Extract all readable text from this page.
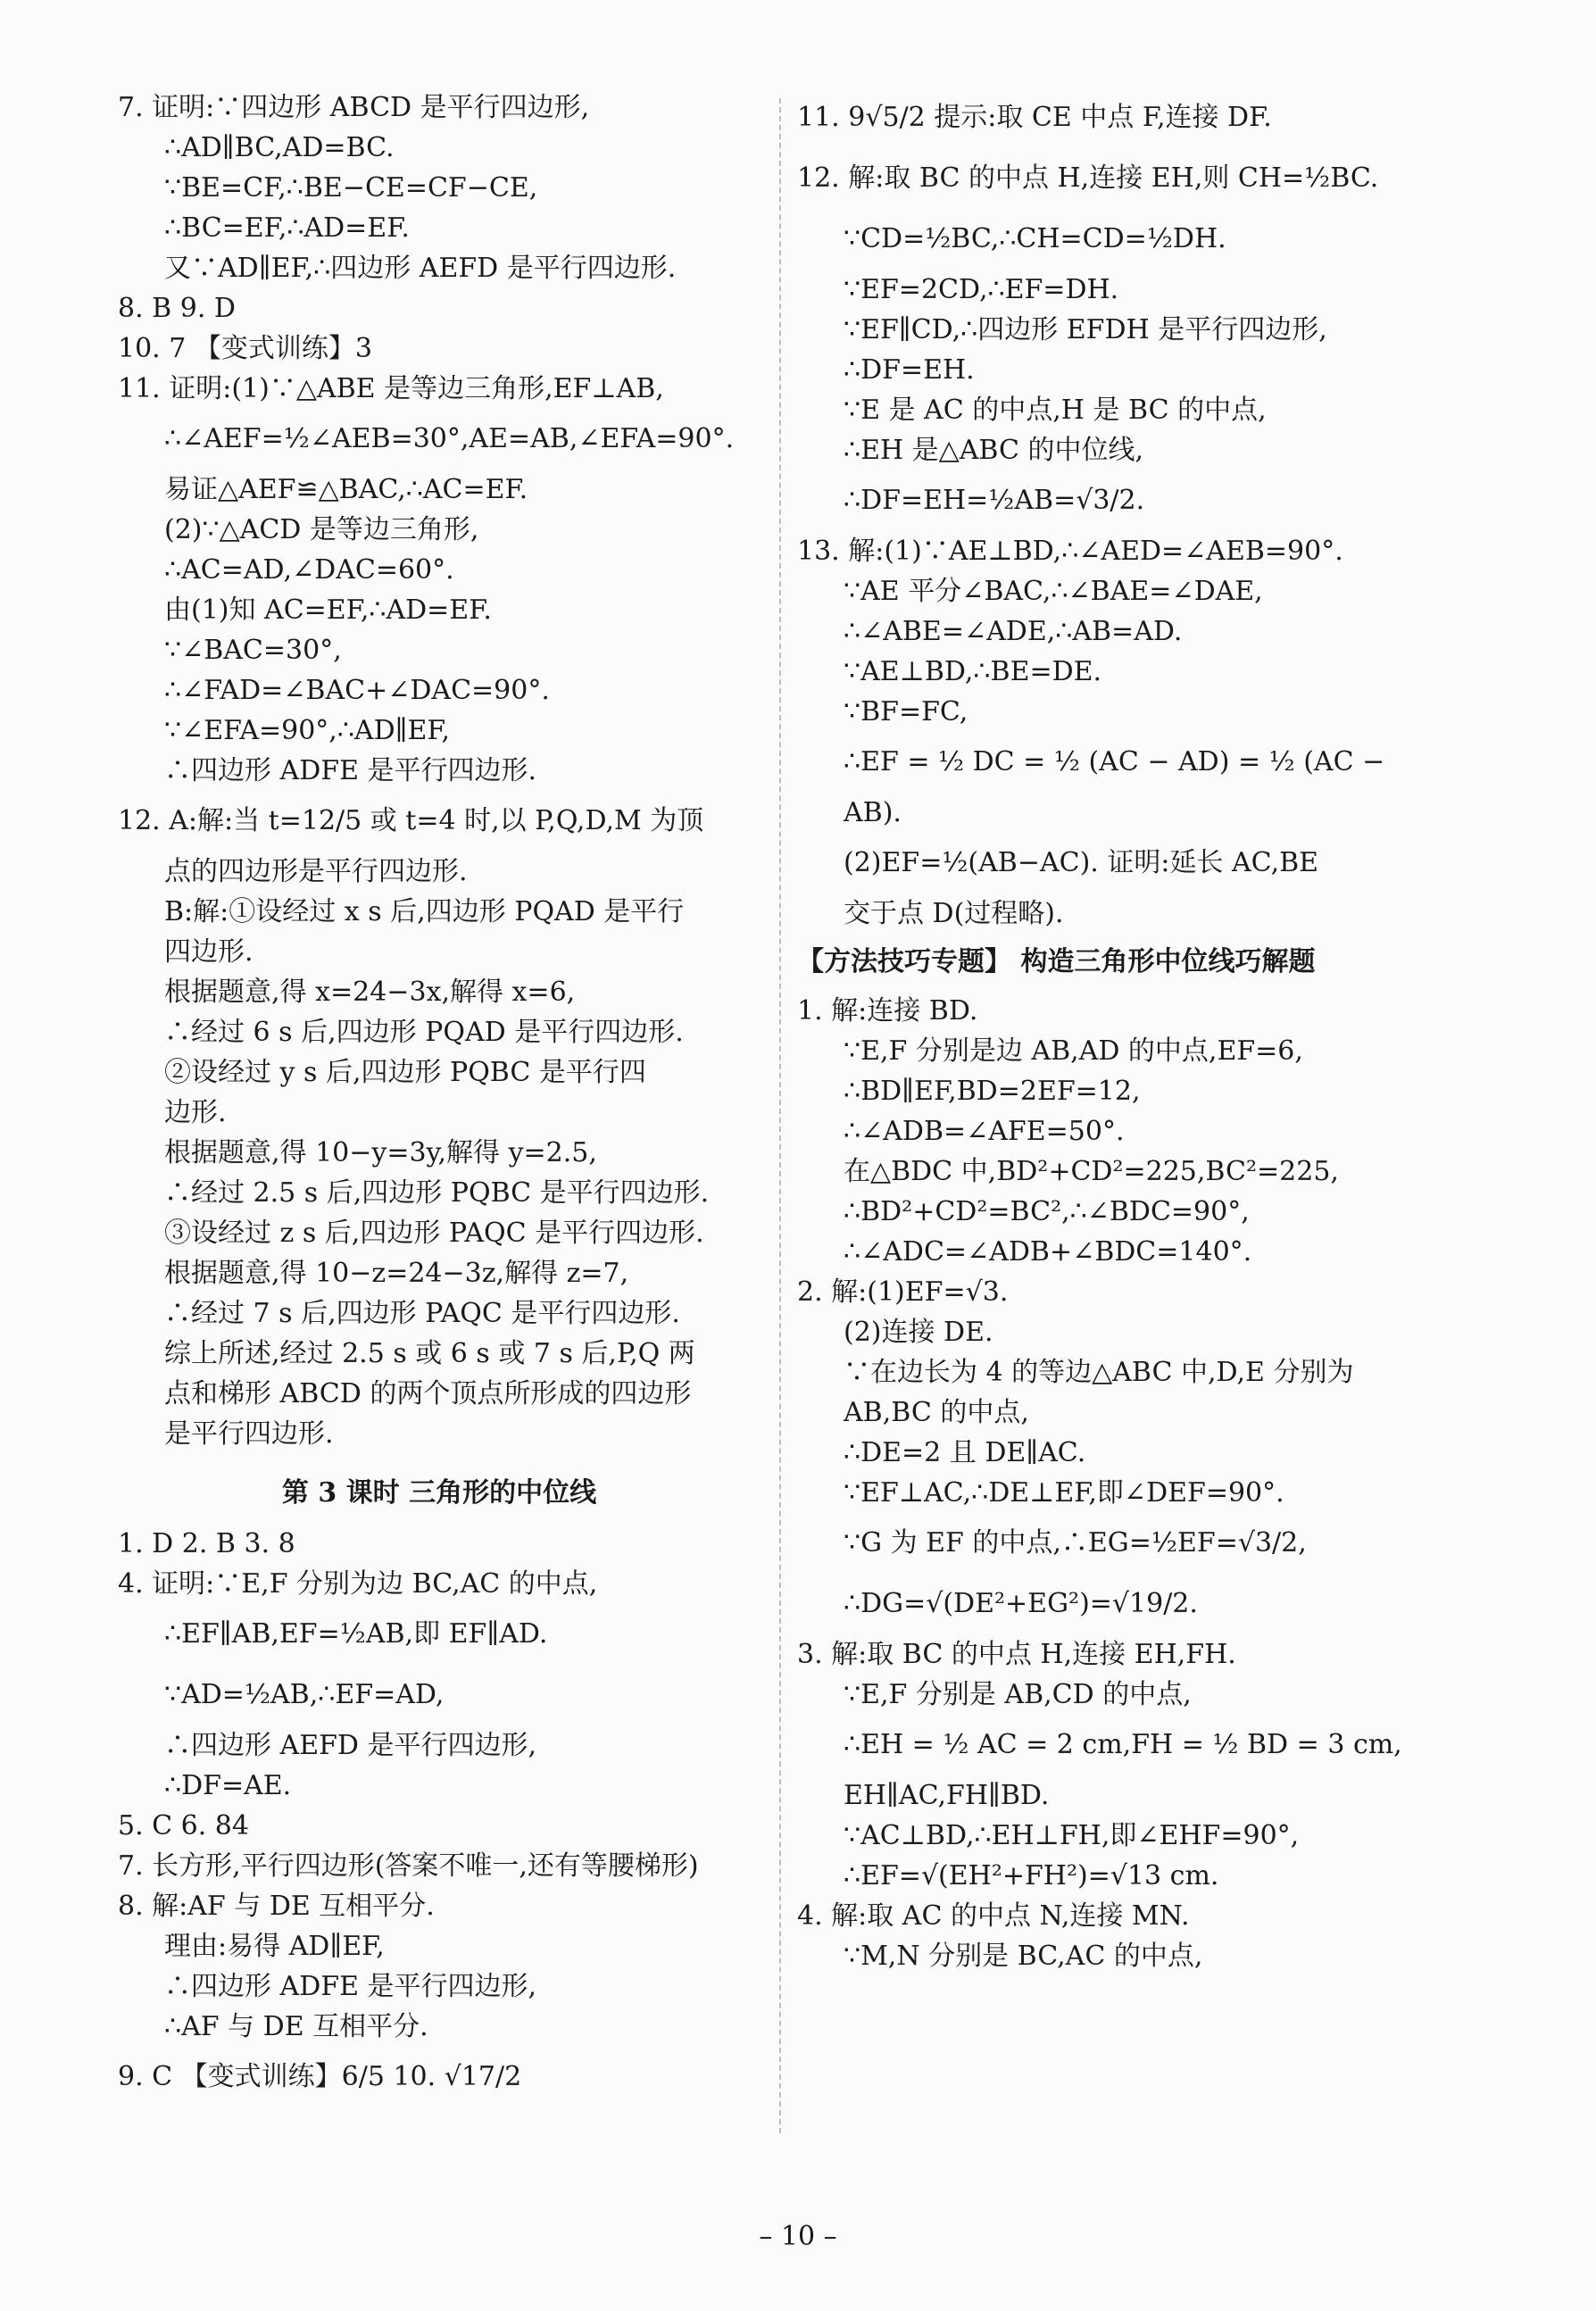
7. 证明:∵四边形 ABCD 是平行四边形,
∴AD∥BC,AD=BC.
∵BE=CF,∴BE−CE=CF−CE,
∴BC=EF,∴AD=EF.
又∵AD∥EF,∴四边形 AEFD 是平行四边形.
8. B 9. D
10. 7 【变式训练】3
11. 证明:(1)∵△ABE 是等边三角形,EF⊥AB,
∴∠AEF=½∠AEB=30°,AE=AB,∠EFA=90°.
易证△AEF≌△BAC,∴AC=EF.
(2)∵△ACD 是等边三角形,
∴AC=AD,∠DAC=60°.
由(1)知 AC=EF,∴AD=EF.
∵∠BAC=30°,
∴∠FAD=∠BAC+∠DAC=90°.
∵∠EFA=90°,∴AD∥EF,
∴四边形 ADFE 是平行四边形.
12. A:解:当 t=12/5 或 t=4 时,以 P,Q,D,M 为顶
点的四边形是平行四边形.
B:解:①设经过 x s 后,四边形 PQAD 是平行
四边形.
根据题意,得 x=24−3x,解得 x=6,
∴经过 6 s 后,四边形 PQAD 是平行四边形.
②设经过 y s 后,四边形 PQBC 是平行四
边形.
根据题意,得 10−y=3y,解得 y=2.5,
∴经过 2.5 s 后,四边形 PQBC 是平行四边形.
③设经过 z s 后,四边形 PAQC 是平行四边形.
根据题意,得 10−z=24−3z,解得 z=7,
∴经过 7 s 后,四边形 PAQC 是平行四边形.
综上所述,经过 2.5 s 或 6 s 或 7 s 后,P,Q 两
点和梯形 ABCD 的两个顶点所形成的四边形
是平行四边形.
第 3 课时 三角形的中位线
1. D 2. B 3. 8
4. 证明:∵E,F 分别为边 BC,AC 的中点,
∴EF∥AB,EF=½AB,即 EF∥AD.
∵AD=½AB,∴EF=AD,
∴四边形 AEFD 是平行四边形,
∴DF=AE.
5. C 6. 84
7. 长方形,平行四边形(答案不唯一,还有等腰梯形)
8. 解:AF 与 DE 互相平分.
理由:易得 AD∥EF,
∴四边形 ADFE 是平行四边形,
∴AF 与 DE 互相平分.
9. C 【变式训练】6/5 10. √17/2
11. 9√5/2 提示:取 CE 中点 F,连接 DF.
12. 解:取 BC 的中点 H,连接 EH,则 CH=½BC.
∵CD=½BC,∴CH=CD=½DH.
∵EF=2CD,∴EF=DH.
∵EF∥CD,∴四边形 EFDH 是平行四边形,
∴DF=EH.
∵E 是 AC 的中点,H 是 BC 的中点,
∴EH 是△ABC 的中位线,
∴DF=EH=½AB=√3/2.
13. 解:(1)∵AE⊥BD,∴∠AED=∠AEB=90°.
∵AE 平分∠BAC,∴∠BAE=∠DAE,
∴∠ABE=∠ADE,∴AB=AD.
∵AE⊥BD,∴BE=DE.
∵BF=FC,
∴EF = ½ DC = ½ (AC − AD) = ½ (AC −
AB).
(2)EF=½(AB−AC). 证明:延长 AC,BE
交于点 D(过程略).
【方法技巧专题】 构造三角形中位线巧解题
1. 解:连接 BD.
∵E,F 分别是边 AB,AD 的中点,EF=6,
∴BD∥EF,BD=2EF=12,
∴∠ADB=∠AFE=50°.
在△BDC 中,BD²+CD²=225,BC²=225,
∴BD²+CD²=BC²,∴∠BDC=90°,
∴∠ADC=∠ADB+∠BDC=140°.
2. 解:(1)EF=√3.
(2)连接 DE.
∵在边长为 4 的等边△ABC 中,D,E 分别为
AB,BC 的中点,
∴DE=2 且 DE∥AC.
∵EF⊥AC,∴DE⊥EF,即∠DEF=90°.
∵G 为 EF 的中点,∴EG=½EF=√3/2,
∴DG=√(DE²+EG²)=√19/2.
3. 解:取 BC 的中点 H,连接 EH,FH.
∵E,F 分别是 AB,CD 的中点,
∴EH = ½ AC = 2 cm,FH = ½ BD = 3 cm,
EH∥AC,FH∥BD.
∵AC⊥BD,∴EH⊥FH,即∠EHF=90°,
∴EF=√(EH²+FH²)=√13 cm.
4. 解:取 AC 的中点 N,连接 MN.
∵M,N 分别是 BC,AC 的中点,
– 10 –
